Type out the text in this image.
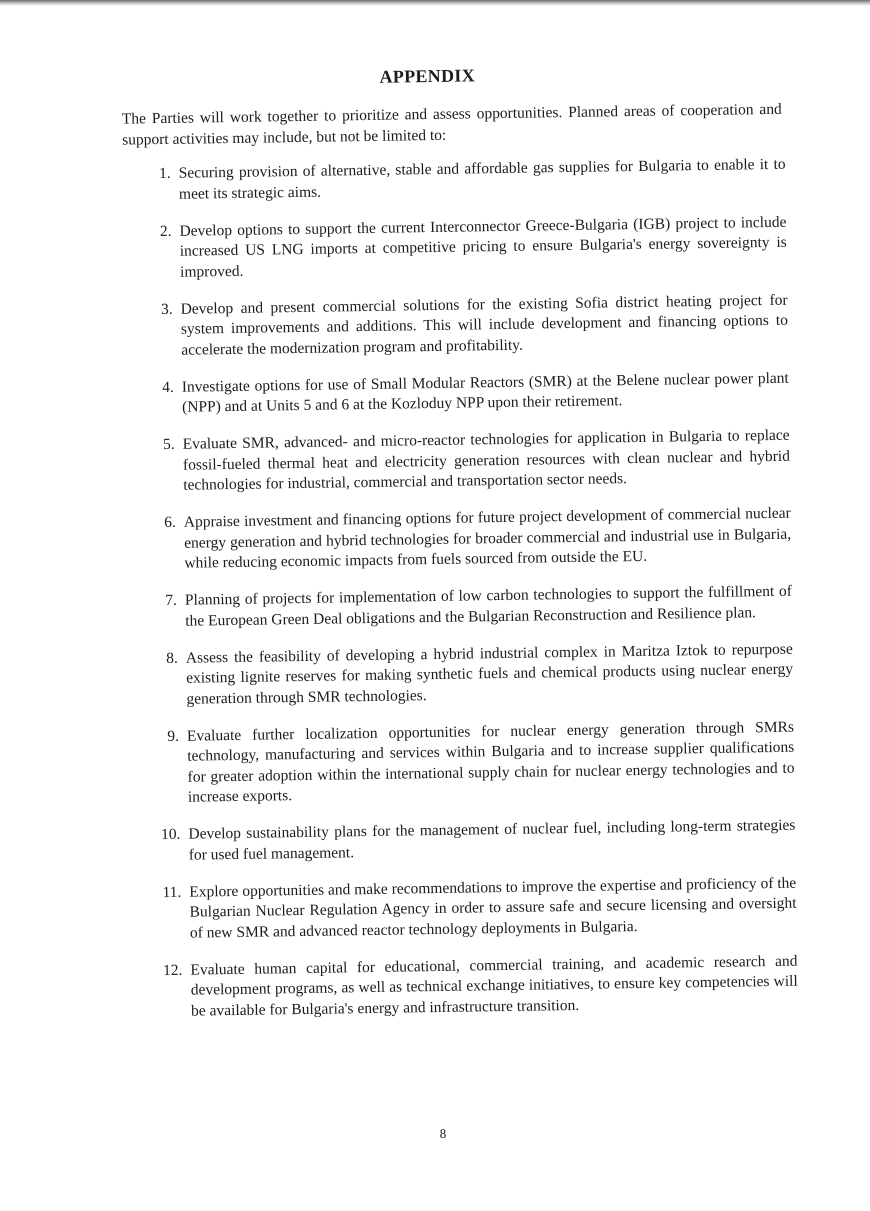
APPENDIX

The Parties will work together to prioritize and assess opportunities. Planned areas of cooperation and support activities may include, but not be limited to:

1. Securing provision of alternative, stable and affordable gas supplies for Bulgaria to enable it to meet its strategic aims.
2. Develop options to support the current Interconnector Greece-Bulgaria (IGB) project to include increased US LNG imports at competitive pricing to ensure Bulgaria's energy sovereignty is improved.
3. Develop and present commercial solutions for the existing Sofia district heating project for system improvements and additions. This will include development and financing options to accelerate the modernization program and profitability.
4. Investigate options for use of Small Modular Reactors (SMR) at the Belene nuclear power plant (NPP) and at Units 5 and 6 at the Kozloduy NPP upon their retirement.
5. Evaluate SMR, advanced- and micro-reactor technologies for application in Bulgaria to replace fossil-fueled thermal heat and electricity generation resources with clean nuclear and hybrid technologies for industrial, commercial and transportation sector needs.
6. Appraise investment and financing options for future project development of commercial nuclear energy generation and hybrid technologies for broader commercial and industrial use in Bulgaria, while reducing economic impacts from fuels sourced from outside the EU.
7. Planning of projects for implementation of low carbon technologies to support the fulfillment of the European Green Deal obligations and the Bulgarian Reconstruction and Resilience plan.
8. Assess the feasibility of developing a hybrid industrial complex in Maritza Iztok to repurpose existing lignite reserves for making synthetic fuels and chemical products using nuclear energy generation through SMR technologies.
9. Evaluate further localization opportunities for nuclear energy generation through SMRs technology, manufacturing and services within Bulgaria and to increase supplier qualifications for greater adoption within the international supply chain for nuclear energy technologies and to increase exports.
10. Develop sustainability plans for the management of nuclear fuel, including long-term strategies for used fuel management.
11. Explore opportunities and make recommendations to improve the expertise and proficiency of the Bulgarian Nuclear Regulation Agency in order to assure safe and secure licensing and oversight of new SMR and advanced reactor technology deployments in Bulgaria.
12. Evaluate human capital for educational, commercial training, and academic research and development programs, as well as technical exchange initiatives, to ensure key competencies will be available for Bulgaria's energy and infrastructure transition.

8
